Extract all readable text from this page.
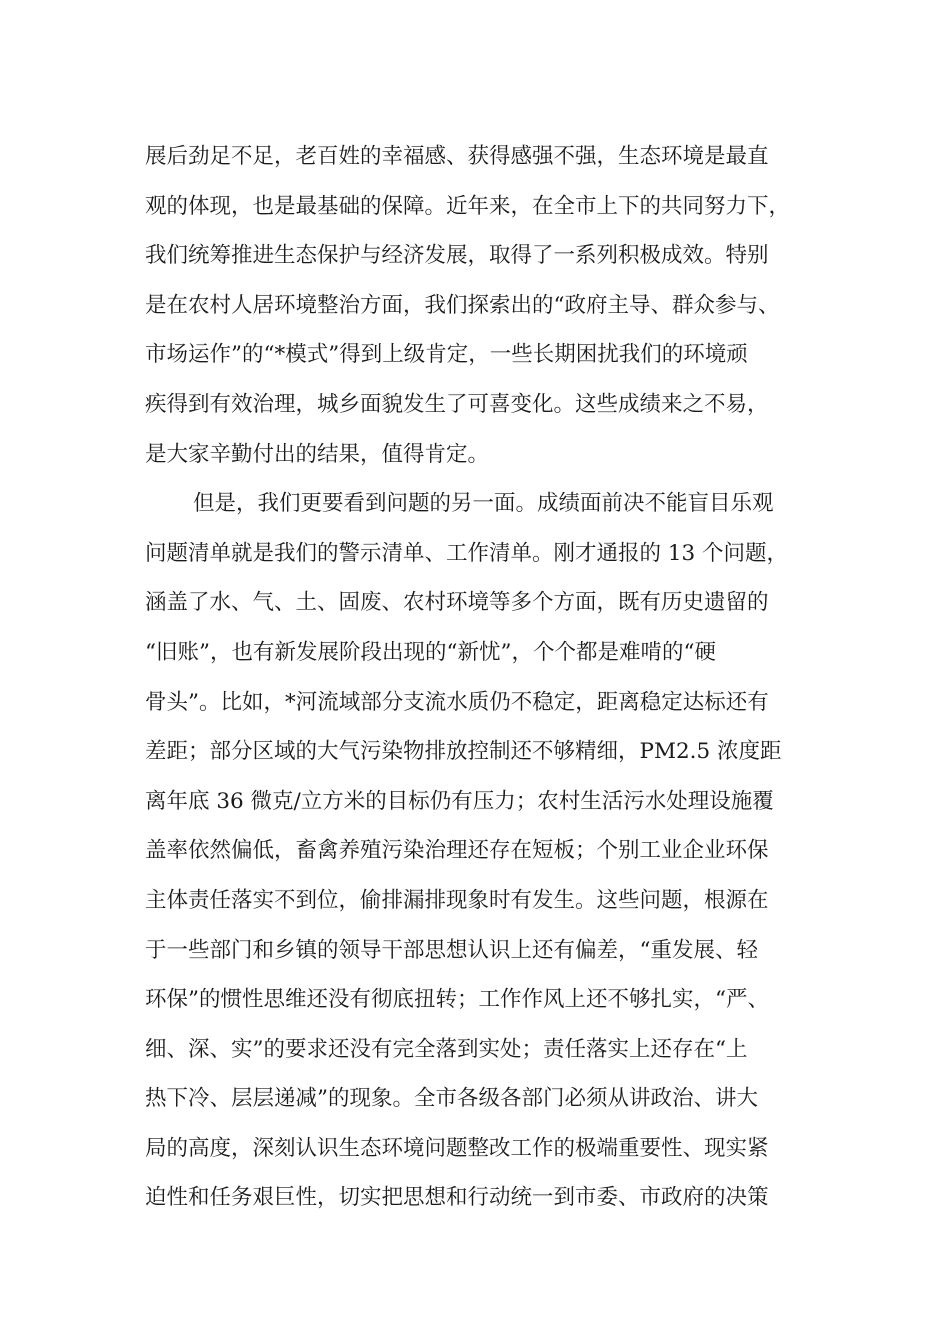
展后劲足不足，老百姓的幸福感、获得感强不强，生态环境是最直
观的体现，也是最基础的保障。近年来，在全市上下的共同努力下，
我们统筹推进生态保护与经济发展，取得了一系列积极成效。特别
是在农村人居环境整治方面，我们探索出的“政府主导、群众参与、
市场运作”的“*模式”得到上级肯定，一些长期困扰我们的环境顽
疾得到有效治理，城乡面貌发生了可喜变化。这些成绩来之不易，
是大家辛勤付出的结果，值得肯定。
但是，我们更要看到问题的另一面。成绩面前决不能盲目乐观
问题清单就是我们的警示清单、工作清单。刚才通报的 13 个问题，
涵盖了水、气、土、固废、农村环境等多个方面，既有历史遗留的
“旧账”，也有新发展阶段出现的“新忧”，个个都是难啃的“硬
骨头”。比如，*河流域部分支流水质仍不稳定，距离稳定达标还有
差距；部分区域的大气污染物排放控制还不够精细，PM2.5 浓度距
离年底 36 微克/立方米的目标仍有压力；农村生活污水处理设施覆
盖率依然偏低，畜禽养殖污染治理还存在短板；个别工业企业环保
主体责任落实不到位，偷排漏排现象时有发生。这些问题，根源在
于一些部门和乡镇的领导干部思想认识上还有偏差，“重发展、轻
环保”的惯性思维还没有彻底扭转；工作作风上还不够扎实，“严、
细、深、实”的要求还没有完全落到实处；责任落实上还存在“上
热下冷、层层递减”的现象。全市各级各部门必须从讲政治、讲大
局的高度，深刻认识生态环境问题整改工作的极端重要性、现实紧
迫性和任务艰巨性，切实把思想和行动统一到市委、市政府的决策
